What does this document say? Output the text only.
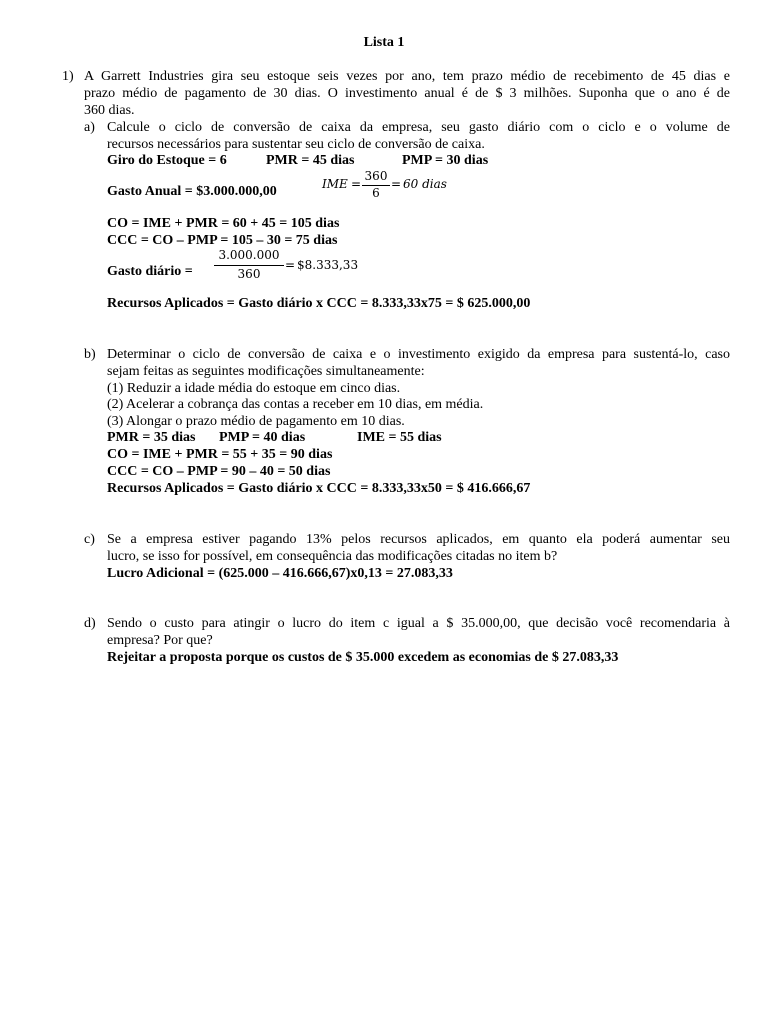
Lista 1
1) A Garrett Industries gira seu estoque seis vezes por ano, tem prazo médio de recebimento de 45 dias e
prazo médio de pagamento de 30 dias. O investimento anual é de $ 3 milhões. Suponha que o ano é de
360 dias.
a) Calcule o ciclo de conversão de caixa da empresa, seu gasto diário com o ciclo e o volume de
recursos necessários para sustentar seu ciclo de conversão de caixa.
Giro do Estoque = 6	PMR = 45 dias	PMP = 30 dias
Gasto Anual = $3.000.000,00	IME =
360
6
= 60 dias
CO = IME + PMR = 60 + 45 = 105 dias
CCC = CO – PMP = 105 – 30 = 75 dias
Gasto diário =
3.000.000
360
= $8.333,33
Recursos Aplicados = Gasto diário x CCC = 8.333,33x75 = $ 625.000,00
b) Determinar o ciclo de conversão de caixa e o investimento exigido da empresa para sustentá-lo, caso
sejam feitas as seguintes modificações simultaneamente:
(1) Reduzir a idade média do estoque em cinco dias.
(2) Acelerar a cobrança das contas a receber em 10 dias, em média.
(3) Alongar o prazo médio de pagamento em 10 dias.
PMR = 35 dias PMP = 40 dias	IME = 55 dias
CO = IME + PMR = 55 + 35 = 90 dias
CCC = CO – PMP = 90 – 40 = 50 dias
Recursos Aplicados = Gasto diário x CCC = 8.333,33x50 = $ 416.666,67
c) Se a empresa estiver pagando 13% pelos recursos aplicados, em quanto ela poderá aumentar seu
lucro, se isso for possível, em consequência das modificações citadas no item b?
Lucro Adicional = (625.000 – 416.666,67)x0,13 = 27.083,33
d) Sendo o custo para atingir o lucro do item c igual a $ 35.000,00, que decisão você recomendaria à
empresa? Por que?
Rejeitar a proposta porque os custos de $ 35.000 excedem as economias de $ 27.083,33
